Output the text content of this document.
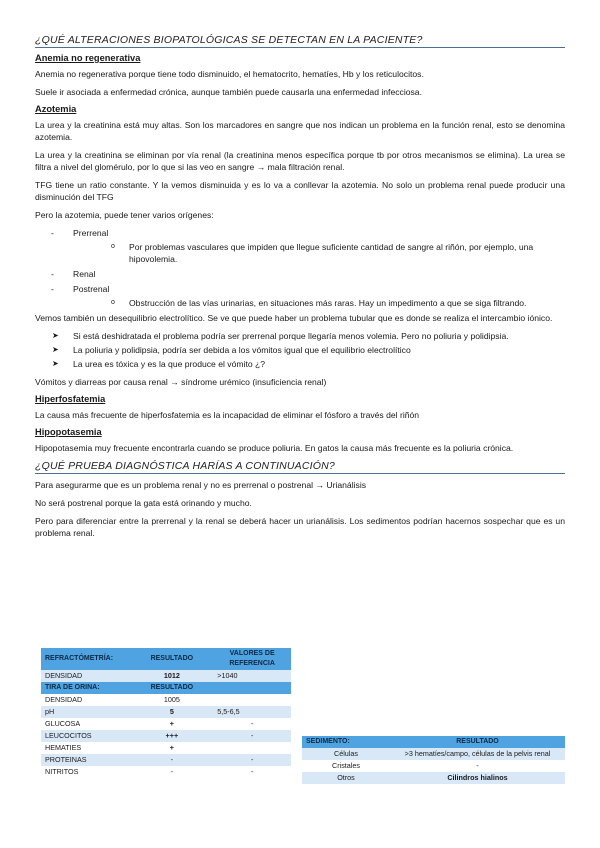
¿QUÉ ALTERACIONES BIOPATOLÓGICAS SE DETECTAN EN LA PACIENTE?
Anemia no regenerativa

Anemia no regenerativa porque tiene todo disminuido, el hematocrito, hematíes, Hb y los reticulocitos.

Suele ir asociada a enfermedad crónica, aunque también puede causarla una enfermedad infecciosa.

Azotemia

La urea y la creatinina está muy altas. Son los marcadores en sangre que nos indican un problema en la función renal, esto se denomina azotemia.

La urea y la creatinina se eliminan por vía renal (la creatinina menos específica porque tb por otros mecanismos se elimina). La urea se filtra a nivel del glomérulo, por lo que si las veo en sangre → mala filtración renal.

TFG tiene un ratio constante. Y la vemos disminuida y es lo va a conllevar la azotemia. No solo un problema renal puede producir una disminución del TFG

Pero la azotemia, puede tener varios orígenes:

- Prerrenal
o Por problemas vasculares que impiden que llegue suficiente cantidad de sangre al riñón, por ejemplo, una hipovolemia.
- Renal
- Postrenal
o Obstrucción de las vías urinarias, en situaciones más raras. Hay un impedimento a que se siga filtrando.

Vemos también un desequilibrio electrolítico. Se ve que puede haber un problema tubular que es donde se realiza el intercambio iónico.

➤ Si está deshidratada el problema podría ser prerrenal porque llegaría menos volemia. Pero no poliuria y polidipsia.
➤ La poliuria y polidipsia, podría ser debida a los vómitos igual que el equilibrio electrolítico
➤ La urea es tóxica y es la que produce el vómito ¿?

Vómitos y diarreas por causa renal → síndrome urémico (insuficiencia renal)

Hiperfosfatemia

La causa más frecuente de hiperfosfatemia es la incapacidad de eliminar el fósforo a través del riñón

Hipopotasemia

Hipopotasemia muy frecuente encontrarla cuando se produce poliuria. En gatos la causa más frecuente es la poliuria crónica.

¿QUÉ PRUEBA DIAGNÓSTICA HARÍAS A CONTINUACIÓN?

Para asegurarme que es un problema renal y no es prerrenal o postrenal → Urianálisis

No será postrenal porque la gata está orinando y mucho.

Pero para diferenciar entre la prerrenal y la renal se deberá hacer un urianálisis. Los sedimentos podrían hacernos sospechar que es un problema renal.

REFRACTÓMETRÍA:	RESULTADO	VALORES DE REFERENCIA
DENSIDAD	1012	>1040
TIRA DE ORINA:	RESULTADO	
DENSIDAD	1005	
pH	5	5,5-6,5
GLUCOSA	+	-
LEUCOCITOS	+++	-
HEMATIES	+	
PROTEINAS	-	-
NITRITOS	-	-
SEDIMENTO:	RESULTADO
Células	>3 hematíes/campo, células de la pelvis renal
Cristales	-
Otros	Cilindros hialinos
